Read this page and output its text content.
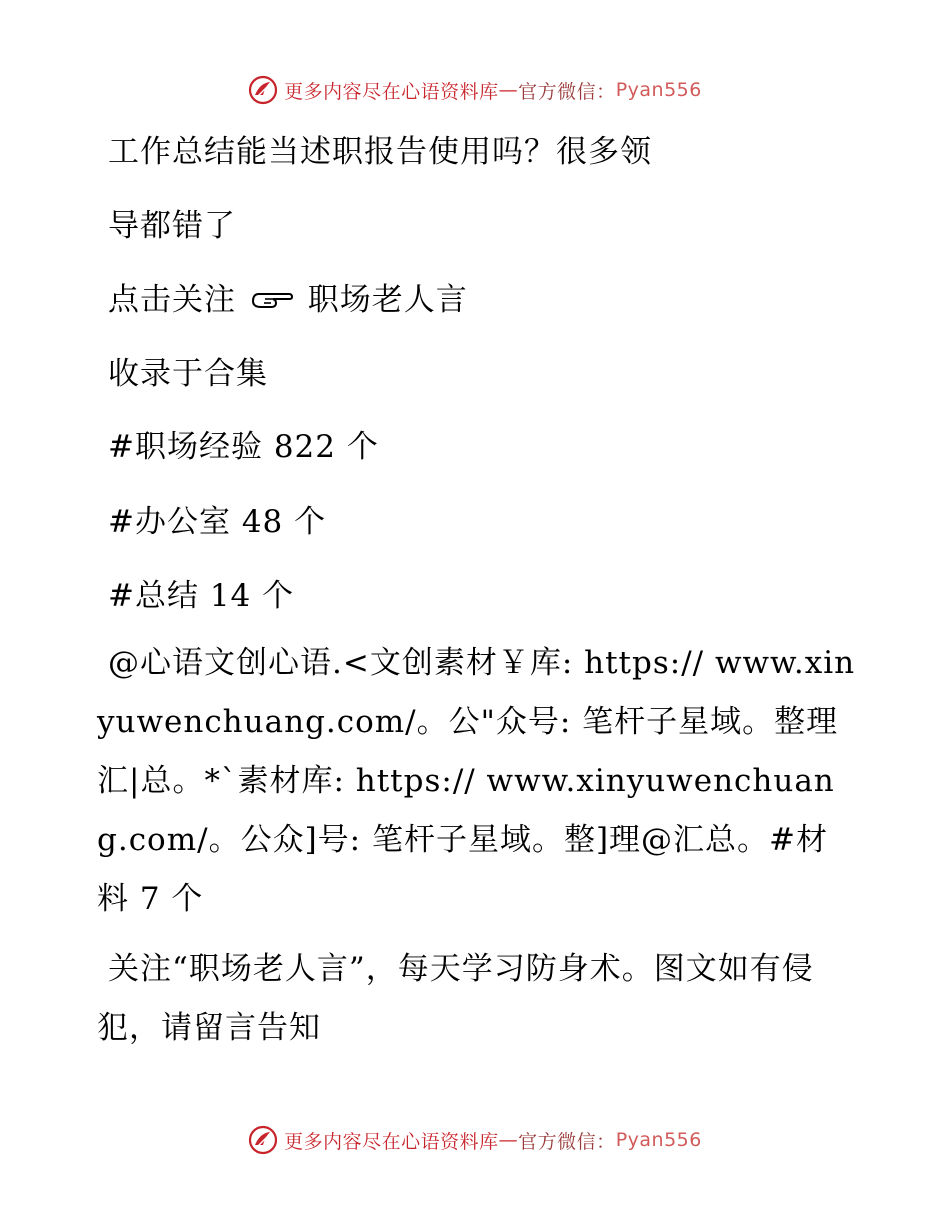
更多内容尽在心语资料库 — 官方微信： Pyan556
工作总结能当述职报告使用吗？很多领
导都错了
点击关注 职场老人言
收录于合集
#职场经验 822 个
#办公室 48 个
#总结 14 个
@心语文创心语.<文创素材￥库: https:// www.xinyuwenchuang.com/。公"众号: 笔杆子星域。整理汇|总。*`素材库: https:// www.xinyuwenchuang.com/。公众]号: 笔杆子星域。整]理@汇总。#材料 7 个
关注“职场老人言”，每天学习防身术。图文如有侵犯，请留言告知
更多内容尽在心语资料库 — 官方微信： Pyan556
